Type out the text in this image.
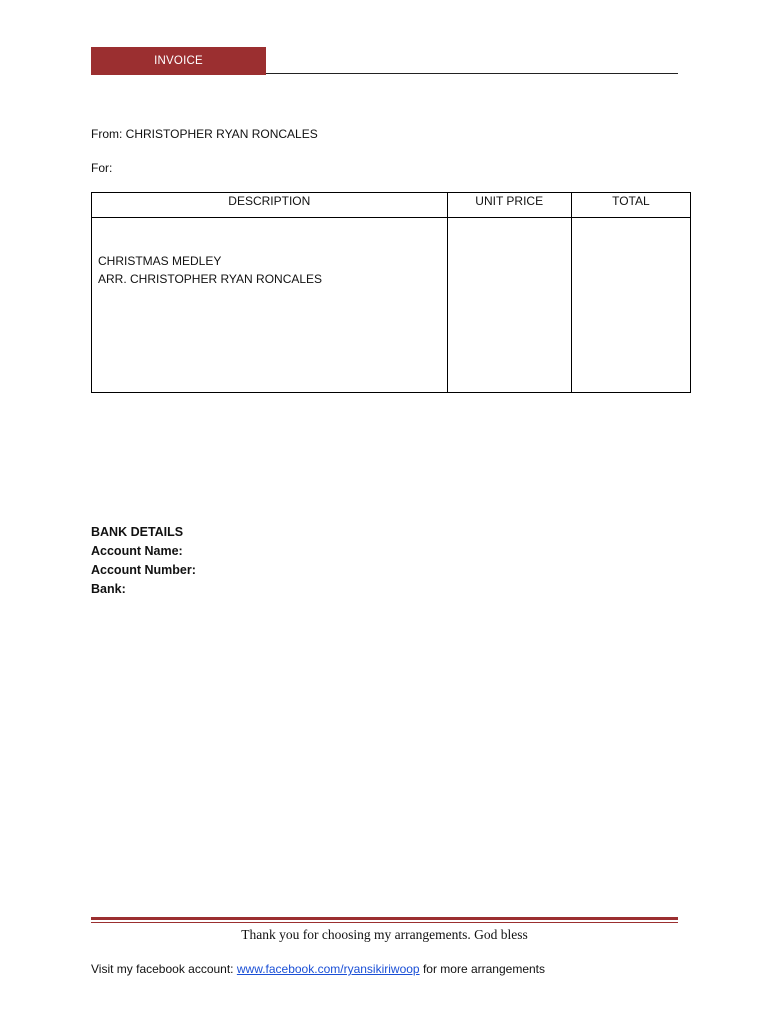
INVOICE
From: CHRISTOPHER RYAN RONCALES
For:
DESCRIPTION	UNIT PRICE	TOTAL

CHRISTMAS MEDLEY
ARR. CHRISTOPHER RYAN RONCALES		

BANK DETAILS
Account Name:
Account Number:
Bank:
Thank you for choosing my arrangements. God bless
Visit my facebook account: www.facebook.com/ryansikiriwoop for more arrangements
